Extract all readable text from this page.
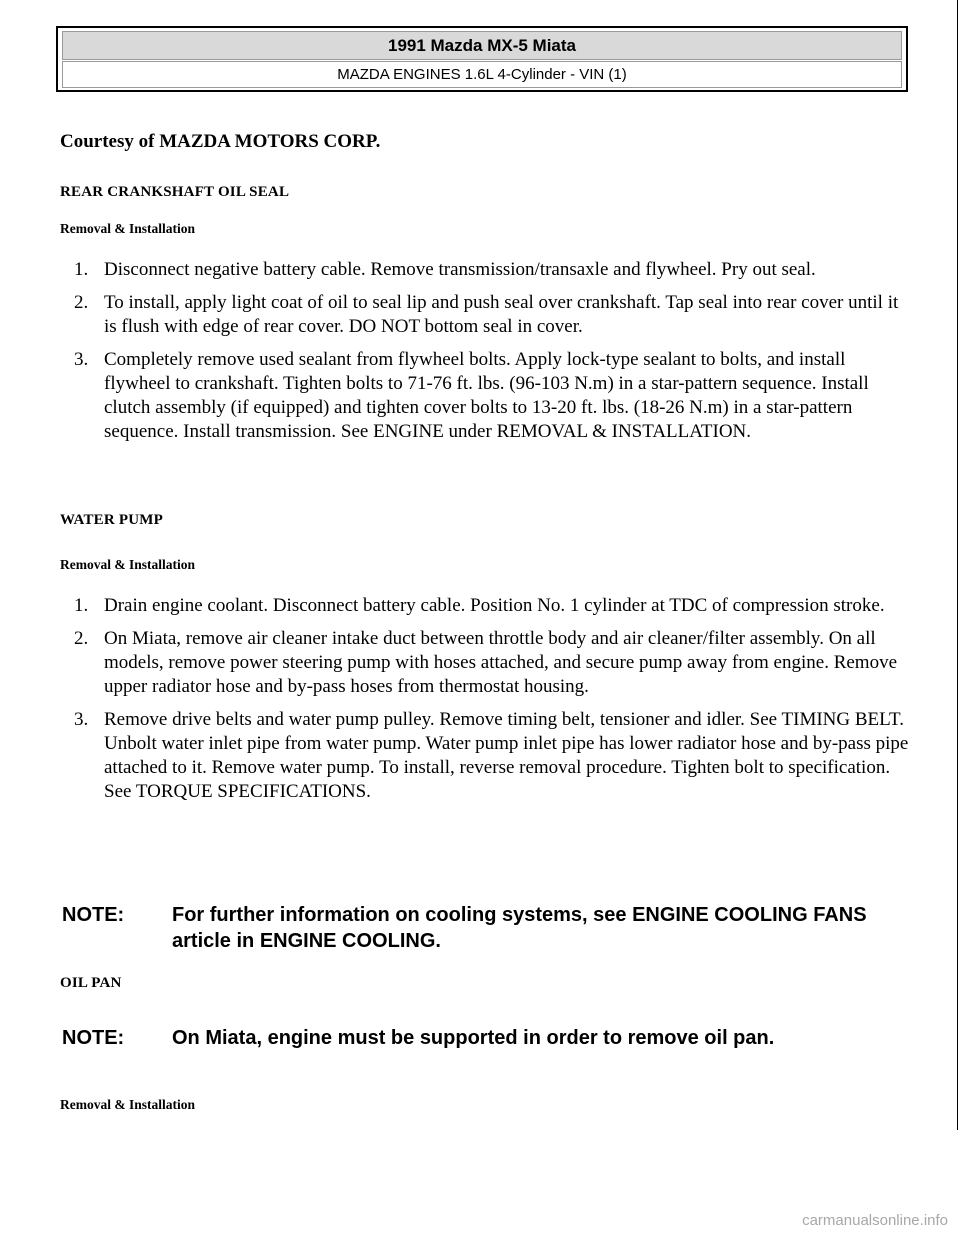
1991 Mazda MX-5 Miata
MAZDA ENGINES 1.6L 4-Cylinder - VIN (1)
Courtesy of MAZDA MOTORS CORP.
REAR CRANKSHAFT OIL SEAL
Removal & Installation
1. Disconnect negative battery cable. Remove transmission/transaxle and flywheel. Pry out seal.
2. To install, apply light coat of oil to seal lip and push seal over crankshaft. Tap seal into rear cover until it is flush with edge of rear cover. DO NOT bottom seal in cover.
3. Completely remove used sealant from flywheel bolts. Apply lock-type sealant to bolts, and install flywheel to crankshaft. Tighten bolts to 71-76 ft. lbs. (96-103 N.m) in a star-pattern sequence. Install clutch assembly (if equipped) and tighten cover bolts to 13-20 ft. lbs. (18-26 N.m) in a star-pattern sequence. Install transmission. See ENGINE under REMOVAL & INSTALLATION.
WATER PUMP
Removal & Installation
1. Drain engine coolant. Disconnect battery cable. Position No. 1 cylinder at TDC of compression stroke.
2. On Miata, remove air cleaner intake duct between throttle body and air cleaner/filter assembly. On all models, remove power steering pump with hoses attached, and secure pump away from engine. Remove upper radiator hose and by-pass hoses from thermostat housing.
3. Remove drive belts and water pump pulley. Remove timing belt, tensioner and idler. See TIMING BELT. Unbolt water inlet pipe from water pump. Water pump inlet pipe has lower radiator hose and by-pass pipe attached to it. Remove water pump. To install, reverse removal procedure. Tighten bolt to specification. See TORQUE SPECIFICATIONS.
NOTE: For further information on cooling systems, see ENGINE COOLING FANS article in ENGINE COOLING.
OIL PAN
NOTE: On Miata, engine must be supported in order to remove oil pan.
Removal & Installation
carmanualsonline.info
